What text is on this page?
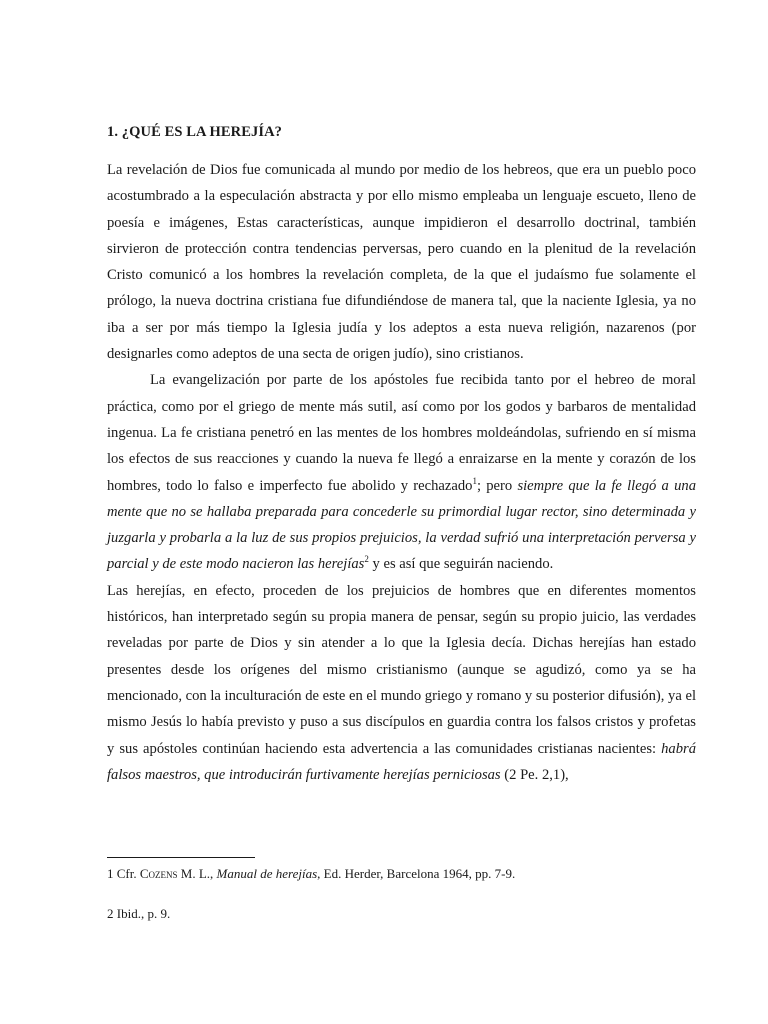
1. ¿QUÉ ES LA HEREJÍA?

La revelación de Dios fue comunicada al mundo por medio de los hebreos, que era un pueblo poco acostumbrado a la especulación abstracta y por ello mismo empleaba un lenguaje escueto, lleno de poesía e imágenes, Estas características, aunque impidieron el desarrollo doctrinal, también sirvieron de protección contra tendencias perversas, pero cuando en la plenitud de la revelación Cristo comunicó a los hombres la revelación completa, de la que el judaísmo fue solamente el prólogo, la nueva doctrina cristiana fue difundiéndose de manera tal, que la naciente Iglesia, ya no iba a ser por más tiempo la Iglesia judía y los adeptos a esta nueva religión, nazarenos (por designarles como adeptos de una secta de origen judío), sino cristianos.

La evangelización por parte de los apóstoles fue recibida tanto por el hebreo de moral práctica, como por el griego de mente más sutil, así como por los godos y barbaros de mentalidad ingenua. La fe cristiana penetró en las mentes de los hombres moldeándolas, sufriendo en sí misma los efectos de sus reacciones y cuando la nueva fe llegó a enraizarse en la mente y corazón de los hombres, todo lo falso e imperfecto fue abolido y rechazado$^1$; pero siempre que la fe llegó a una mente que no se hallaba preparada para concederle su primordial lugar rector, sino determinada y juzgarla y probarla a la luz de sus propios prejuicios, la verdad sufrió una interpretación perversa y parcial y de este modo nacieron las herejías$^2$ y es así que seguirán naciendo.

Las herejías, en efecto, proceden de los prejuicios de hombres que en diferentes momentos históricos, han interpretado según su propia manera de pensar, según su propio juicio, las verdades reveladas por parte de Dios y sin atender a lo que la Iglesia decía. Dichas herejías han estado presentes desde los orígenes del mismo cristianismo (aunque se agudizó, como ya se ha mencionado, con la inculturación de este en el mundo griego y romano y su posterior difusión), ya el mismo Jesús lo había previsto y puso a sus discípulos en guardia contra los falsos cristos y profetas y sus apóstoles continúan haciendo esta advertencia a las comunidades cristianas nacientes: habrá falsos maestros, que introducirán furtivamente herejías perniciosas (2 Pe. 2,1),

1 Cfr. Cozens M. L., Manual de herejías, Ed. Herder, Barcelona 1964, pp. 7-9.
2 Ibid., p. 9.
